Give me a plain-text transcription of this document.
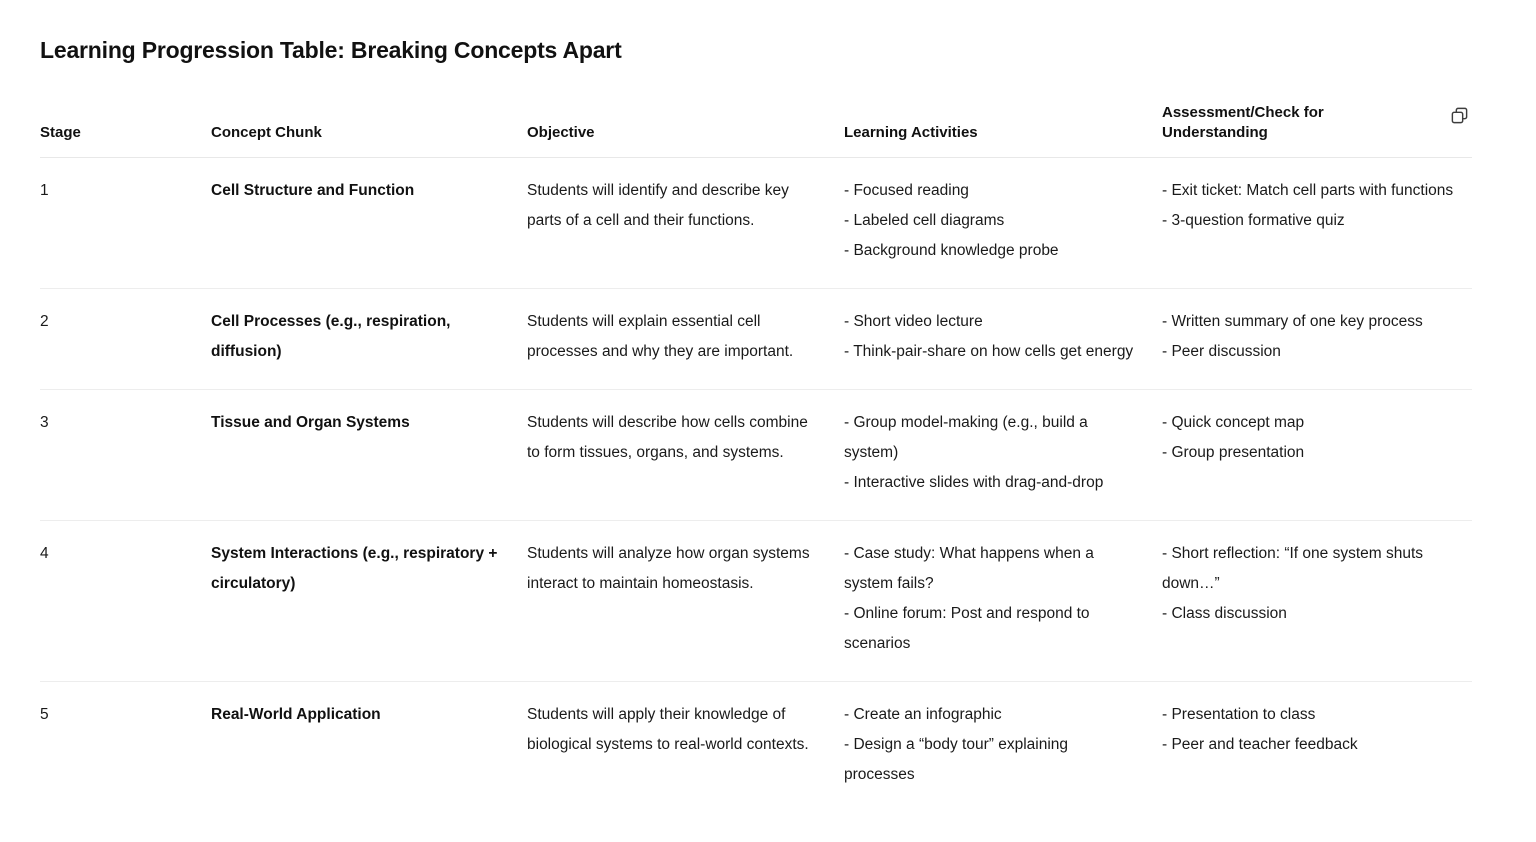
Learning Progression Table: Breaking Concepts Apart
Stage	Concept Chunk	Objective	Learning Activities	Assessment/Check for Understanding
1	Cell Structure and Function	Students will identify and describe key parts of a cell and their functions.	- Focused reading
- Labeled cell diagrams
- Background knowledge probe	- Exit ticket: Match cell parts with functions
- 3-question formative quiz

2	Cell Processes (e.g., respiration, diffusion)	Students will explain essential cell processes and why they are important.	- Short video lecture
- Think-pair-share on how cells get energy	- Written summary of one key process
- Peer discussion

3	Tissue and Organ Systems	Students will describe how cells combine to form tissues, organs, and systems.	- Group model-making (e.g., build a system)
- Interactive slides with drag-and-drop	- Quick concept map
- Group presentation

4	System Interactions (e.g., respiratory + circulatory)	Students will analyze how organ systems interact to maintain homeostasis.	- Case study: What happens when a system fails?
- Online forum: Post and respond to scenarios	- Short reflection: “If one system shuts down…”
- Class discussion

5	Real-World Application	Students will apply their knowledge of biological systems to real-world contexts.	- Create an infographic
- Design a “body tour” explaining processes	- Presentation to class
- Peer and teacher feedback
